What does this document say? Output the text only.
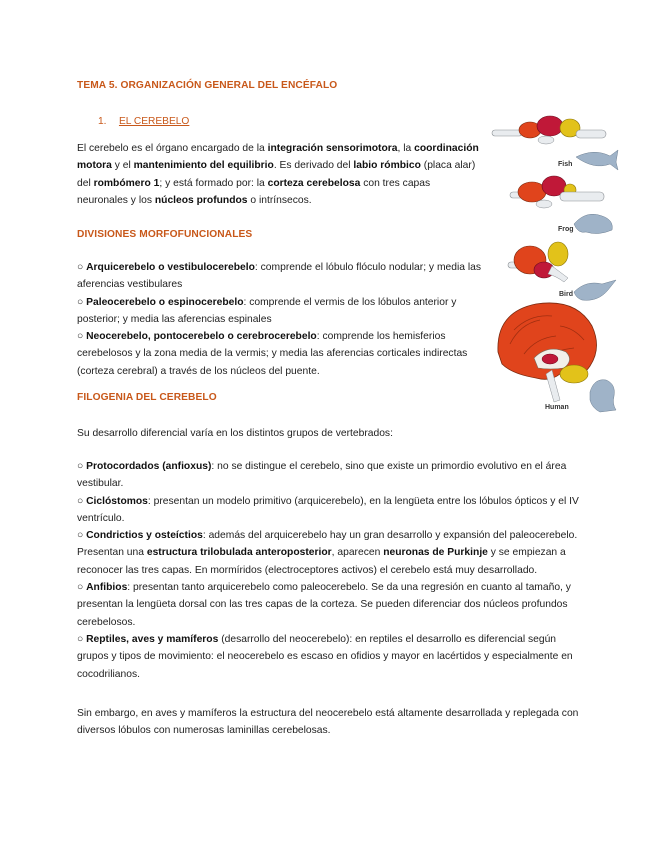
TEMA 5. ORGANIZACIÓN GENERAL DEL ENCÉFALO
1. EL CEREBELO
El cerebelo es el órgano encargado de la integración sensorimotora, la coordinación motora y el mantenimiento del equilibrio. Es derivado del labio rómbico (placa alar) del rombómero 1; y está formado por: la corteza cerebelosa con tres capas neuronales y los núcleos profundos o intrínsecos.
DIVISIONES MORFOFUNCIONALES
○ Arquicerebelo o vestibulocerebelo: comprende el lóbulo flóculo nodular; y media las aferencias vestibulares
○ Paleocerebelo o espinocerebelo: comprende el vermis de los lóbulos anterior y posterior; y media las aferencias espinales
○ Neocerebelo, pontocerebelo o cerebrocerebelo: comprende los hemisferios cerebelosos y la zona media de la vermis; y media las aferencias corticales indirectas (corteza cerebral) a través de los núcleos del puente.
FILOGENIA DEL CEREBELO
Su desarrollo diferencial varía en los distintos grupos de vertebrados:
○ Protocordados (anfioxus): no se distingue el cerebelo, sino que existe un primordio evolutivo en el área vestibular.
○ Ciclóstomos: presentan un modelo primitivo (arquicerebelo), en la lengüeta entre los lóbulos ópticos y el IV ventrículo.
○ Condrictios y osteíctios: además del arquicerebelo hay un gran desarrollo y expansión del paleocerebelo. Presentan una estructura trilobulada anteroposterior, aparecen neuronas de Purkinje y se empiezan a reconocer las tres capas. En mormíridos (electroceptores activos) el cerebelo está muy desarrollado.
○ Anfibios: presentan tanto arquicerebelo como paleocerebelo. Se da una regresión en cuanto al tamaño, y presentan la lengüeta dorsal con las tres capas de la corteza. Se pueden diferenciar dos núcleos profundos cerebelosos.
○ Reptiles, aves y mamíferos (desarrollo del neocerebelo): en reptiles el desarrollo es diferencial según grupos y tipos de movimiento: el neocerebelo es escaso en ofidios y mayor en lacértidos y especialmente en cocodrilianos.
Sin embargo, en aves y mamíferos la estructura del neocerebelo está altamente desarrollada y replegada con diversos lóbulos con numerosas laminillas cerebelosas.
Fish
Frog
Bird
Human
